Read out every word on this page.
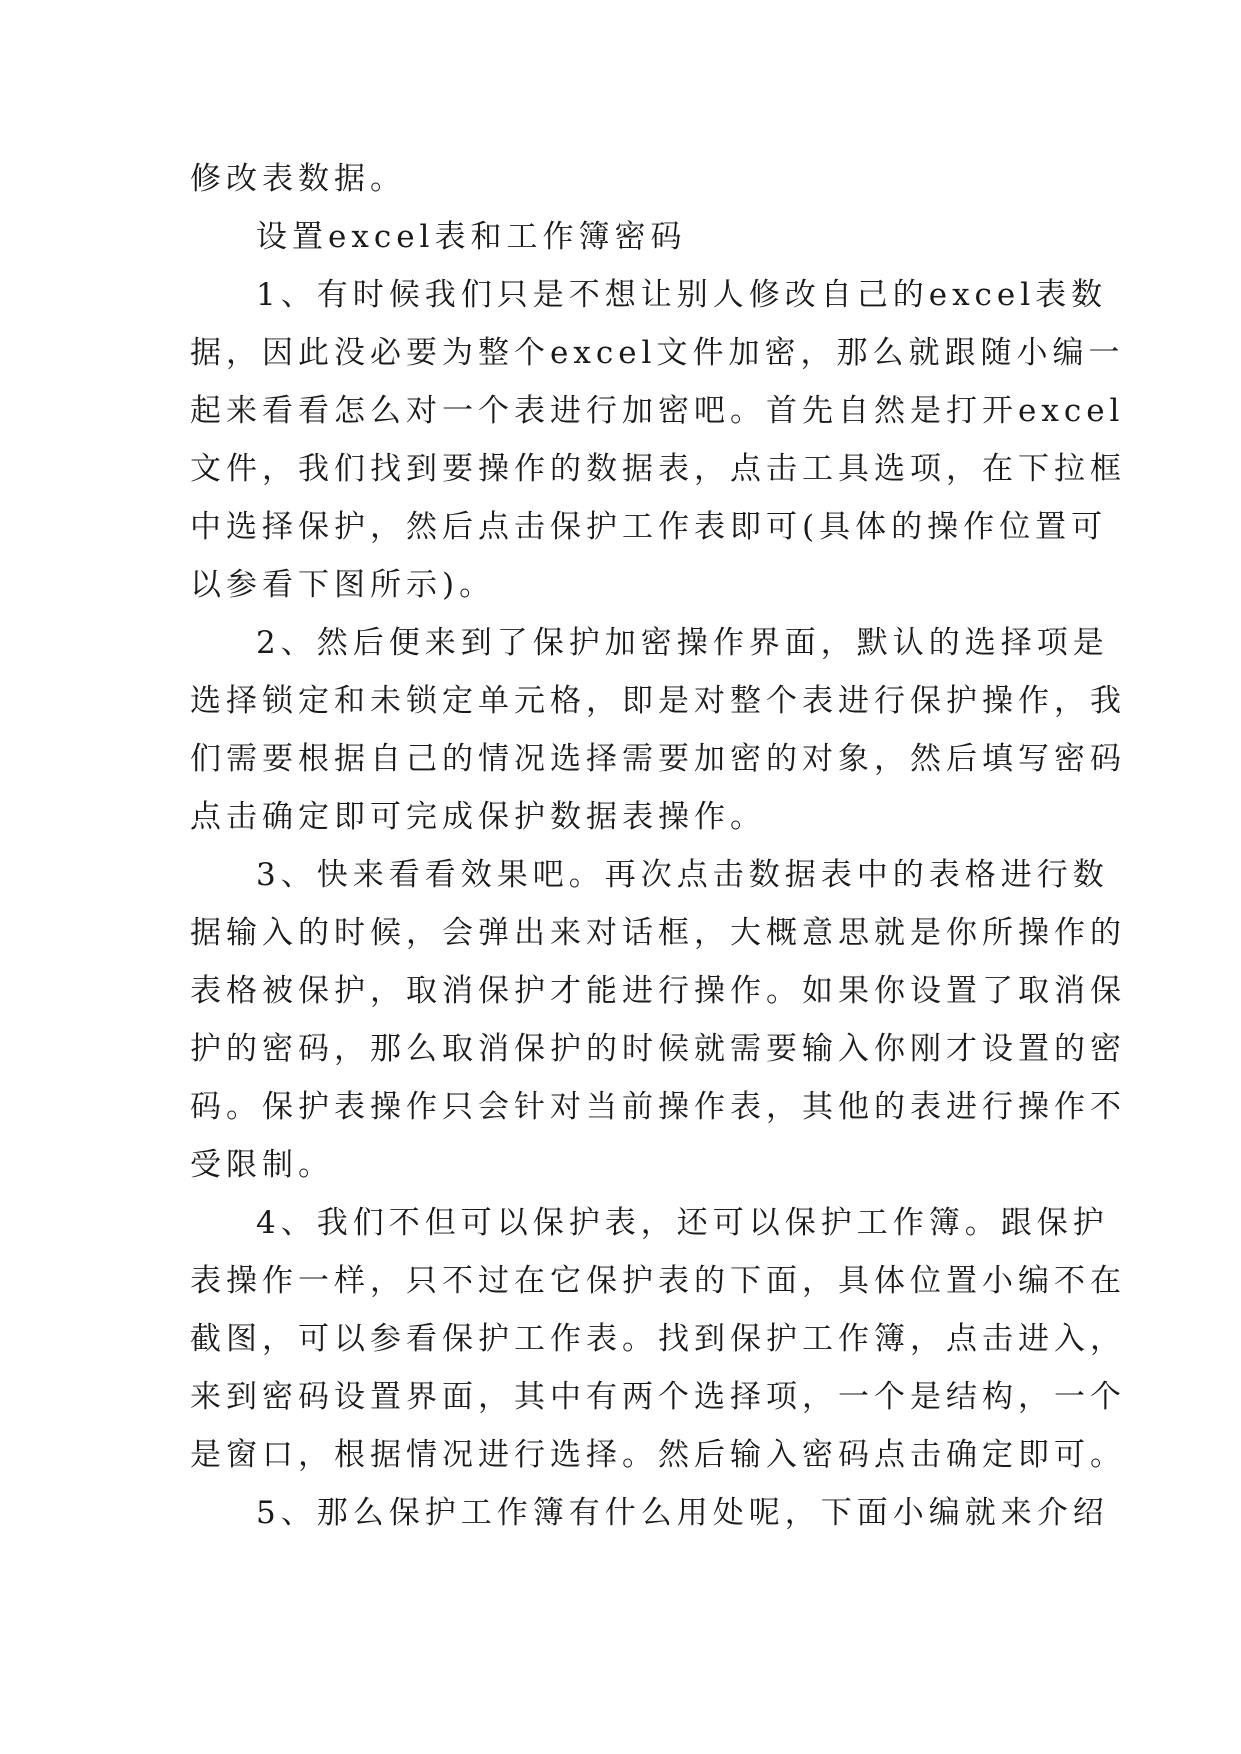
修改表数据。
设置excel表和工作簿密码
1、有时候我们只是不想让别人修改自己的excel表数
据，因此没必要为整个excel文件加密，那么就跟随小编一
起来看看怎么对一个表进行加密吧。首先自然是打开excel
文件，我们找到要操作的数据表，点击工具选项，在下拉框
中选择保护，然后点击保护工作表即可(具体的操作位置可
以参看下图所示)。
2、然后便来到了保护加密操作界面，默认的选择项是
选择锁定和未锁定单元格，即是对整个表进行保护操作，我
们需要根据自己的情况选择需要加密的对象，然后填写密码
点击确定即可完成保护数据表操作。
3、快来看看效果吧。再次点击数据表中的表格进行数
据输入的时候，会弹出来对话框，大概意思就是你所操作的
表格被保护，取消保护才能进行操作。如果你设置了取消保
护的密码，那么取消保护的时候就需要输入你刚才设置的密
码。保护表操作只会针对当前操作表，其他的表进行操作不
受限制。
4、我们不但可以保护表，还可以保护工作簿。跟保护
表操作一样，只不过在它保护表的下面，具体位置小编不在
截图，可以参看保护工作表。找到保护工作簿，点击进入，
来到密码设置界面，其中有两个选择项，一个是结构，一个
是窗口，根据情况进行选择。然后输入密码点击确定即可。
5、那么保护工作簿有什么用处呢，下面小编就来介绍
